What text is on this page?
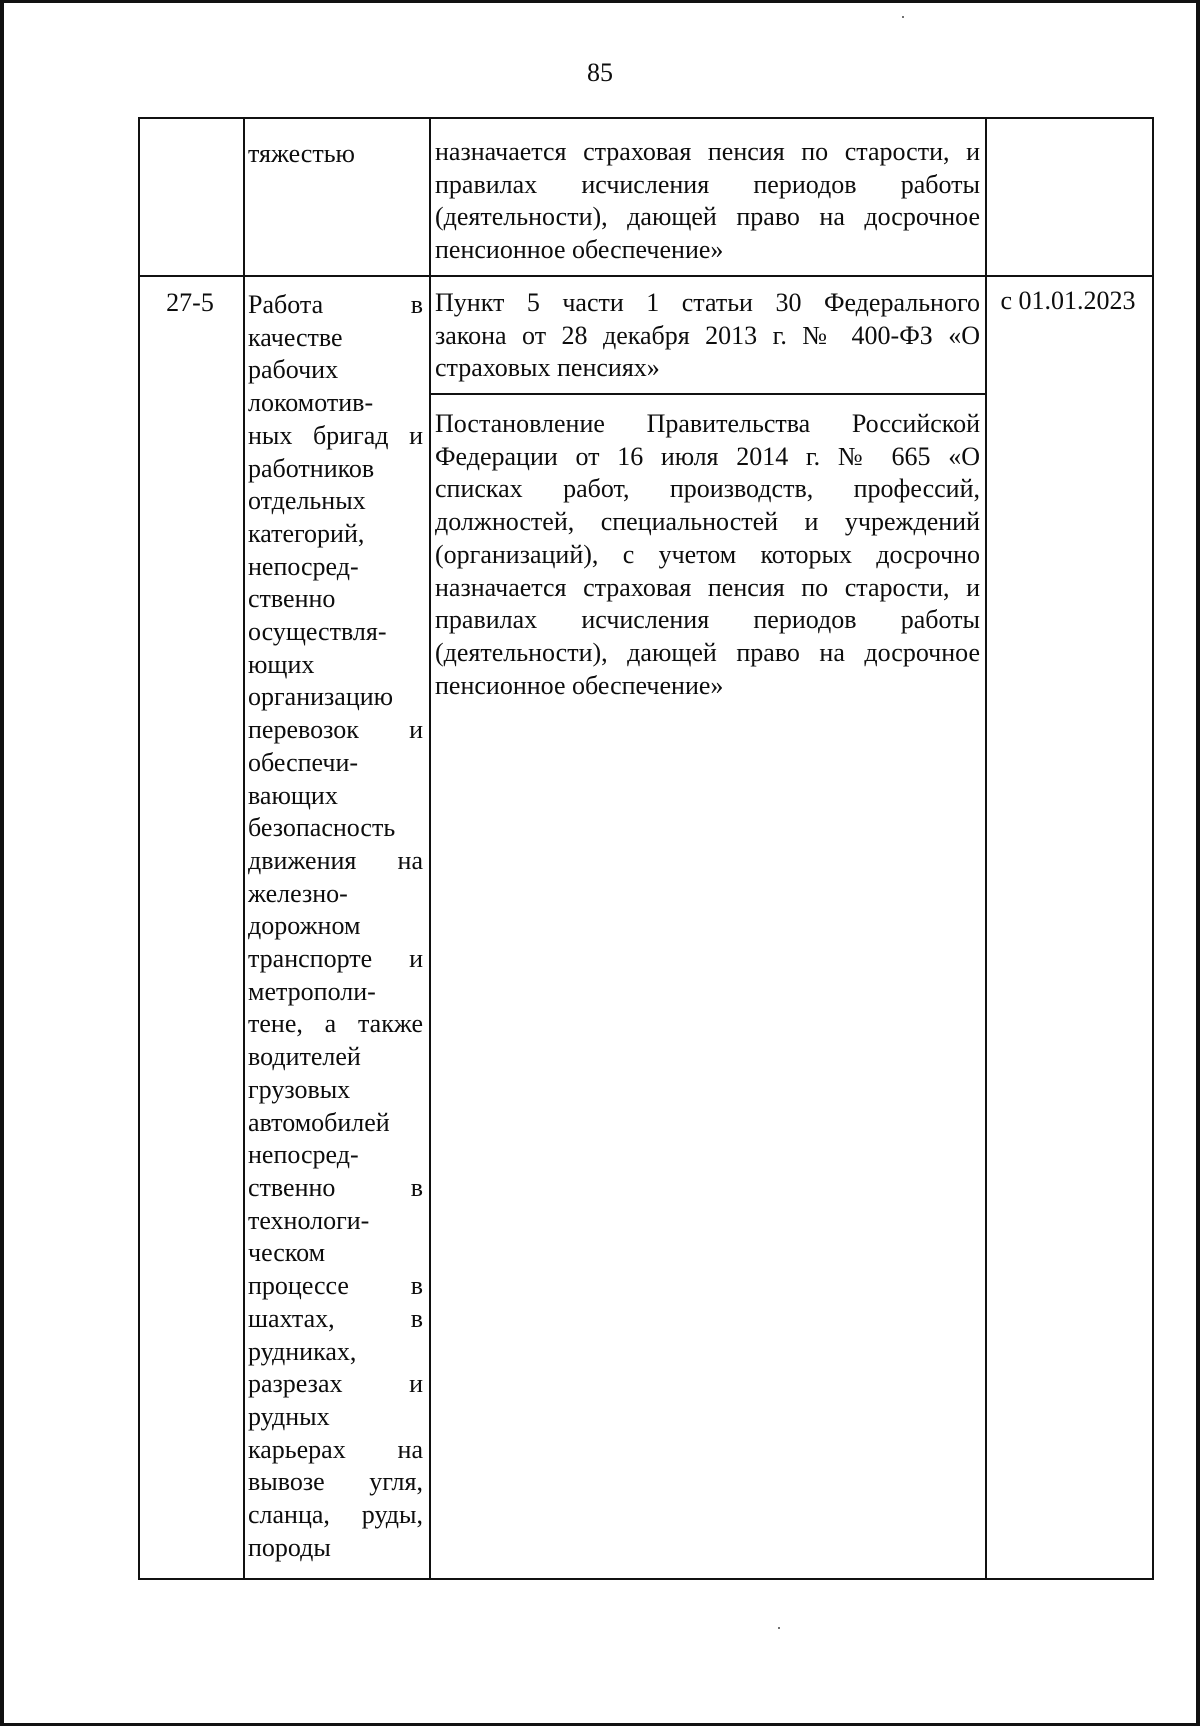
85
тяжестью	назначается страховая пенсия по старости, и
правилах исчисления периодов работы
(деятельности), дающей право на досрочное
пенсионное обеспечение»
27-5	Работа в
качестве
рабочих
локомотив-
ных бригад и
работников
отдельных
категорий,
непосред-
ственно
осуществля-
ющих
организацию
перевозок и
обеспечи-
вающих
безопасность
движения на
железно-
дорожном
транспорте и
метрополи-
тене, а также
водителей
грузовых
автомобилей
непосред-
ственно в
технологи-
ческом
процессе в
шахтах, в
рудниках,
разрезах и
рудных
карьерах на
вывозе угля,
сланца, руды,
породы
Пункт 5 части 1 статьи 30 Федерального
закона от 28 декабря 2013 г. № 400-ФЗ «О
страховых пенсиях»
Постановление Правительства Российской
Федерации от 16 июля 2014 г. № 665 «О
списках работ, производств, профессий,
должностей, специальностей и учреждений
(организаций), с учетом которых досрочно
назначается страховая пенсия по старости, и
правилах исчисления периодов работы
(деятельности), дающей право на досрочное
пенсионное обеспечение»
с 01.01.2023
